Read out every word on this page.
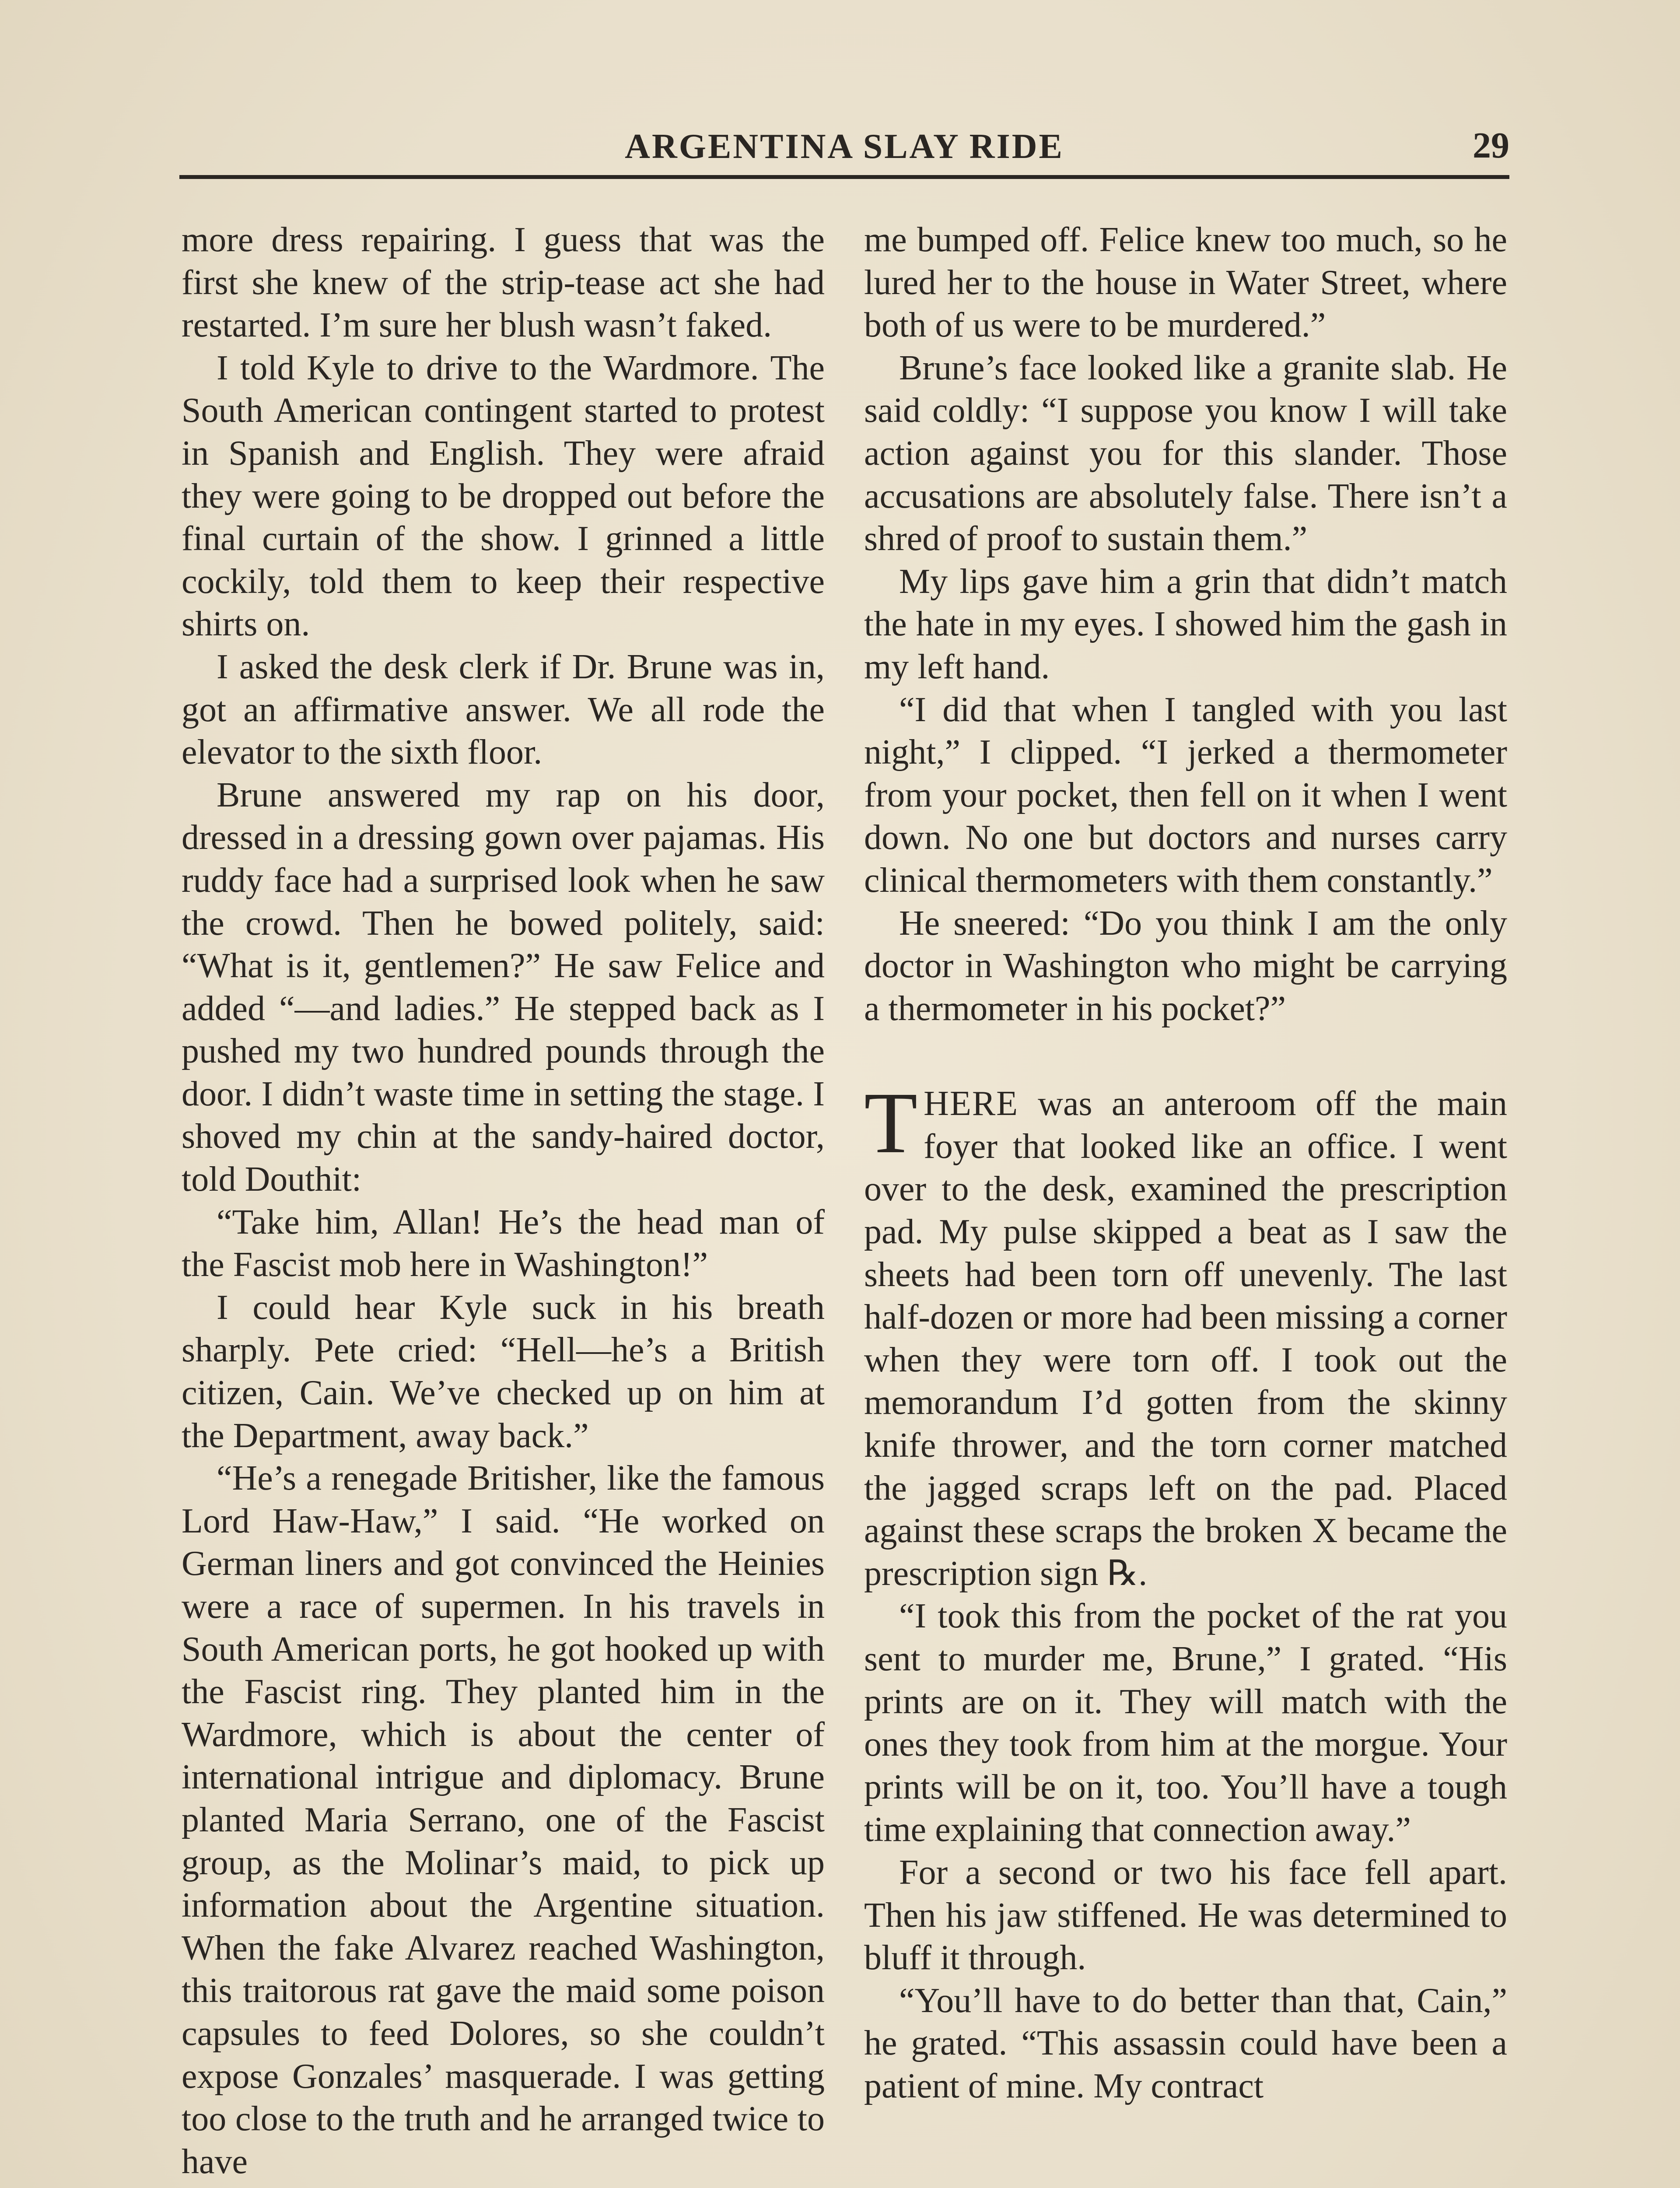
ARGENTINA SLAY RIDE	29

more dress repairing. I guess that was the first she knew of the strip-tease act she had restarted. I’m sure her blush wasn’t faked.

I told Kyle to drive to the Wardmore. The South American contingent started to protest in Spanish and English. They were afraid they were going to be dropped out before the final curtain of the show. I grinned a little cockily, told them to keep their respective shirts on.

I asked the desk clerk if Dr. Brune was in, got an affirmative answer. We all rode the elevator to the sixth floor.

Brune answered my rap on his door, dressed in a dressing gown over pajamas. His ruddy face had a surprised look when he saw the crowd. Then he bowed politely, said: “What is it, gentlemen?” He saw Felice and added “—and ladies.” He stepped back as I pushed my two hundred pounds through the door. I didn’t waste time in setting the stage. I shoved my chin at the sandy-haired doctor, told Douthit:

“Take him, Allan! He’s the head man of the Fascist mob here in Washington!”

I could hear Kyle suck in his breath sharply. Pete cried: “Hell—he’s a British citizen, Cain. We’ve checked up on him at the Department, away back.”

“He’s a renegade Britisher, like the famous Lord Haw-Haw,” I said. “He worked on German liners and got convinced the Heinies were a race of supermen. In his travels in South American ports, he got hooked up with the Fascist ring. They planted him in the Wardmore, which is about the center of international intrigue and diplomacy. Brune planted Maria Serrano, one of the Fascist group, as the Molinar’s maid, to pick up information about the Argentine situation. When the fake Alvarez reached Washington, this traitorous rat gave the maid some poison capsules to feed Dolores, so she couldn’t expose Gonzales’ masquerade. I was getting too close to the truth and he arranged twice to have

me bumped off. Felice knew too much, so he lured her to the house in Water Street, where both of us were to be murdered.”

Brune’s face looked like a granite slab. He said coldly: “I suppose you know I will take action against you for this slander. Those accusations are absolutely false. There isn’t a shred of proof to sustain them.”

My lips gave him a grin that didn’t match the hate in my eyes. I showed him the gash in my left hand.

“I did that when I tangled with you last night,” I clipped. “I jerked a thermometer from your pocket, then fell on it when I went down. No one but doctors and nurses carry clinical thermometers with them constantly.”

He sneered: “Do you think I am the only doctor in Washington who might be carrying a thermometer in his pocket?”

THERE was an anteroom off the main foyer that looked like an office. I went over to the desk, examined the prescription pad. My pulse skipped a beat as I saw the sheets had been torn off unevenly. The last half-dozen or more had been missing a corner when they were torn off. I took out the memorandum I’d gotten from the skinny knife thrower, and the torn corner matched the jagged scraps left on the pad. Placed against these scraps the broken X became the prescription sign ℞.

“I took this from the pocket of the rat you sent to murder me, Brune,” I grated. “His prints are on it. They will match with the ones they took from him at the morgue. Your prints will be on it, too. You’ll have a tough time explaining that connection away.”

For a second or two his face fell apart. Then his jaw stiffened. He was determined to bluff it through.

“You’ll have to do better than that, Cain,” he grated. “This assassin could have been a patient of mine. My contract
